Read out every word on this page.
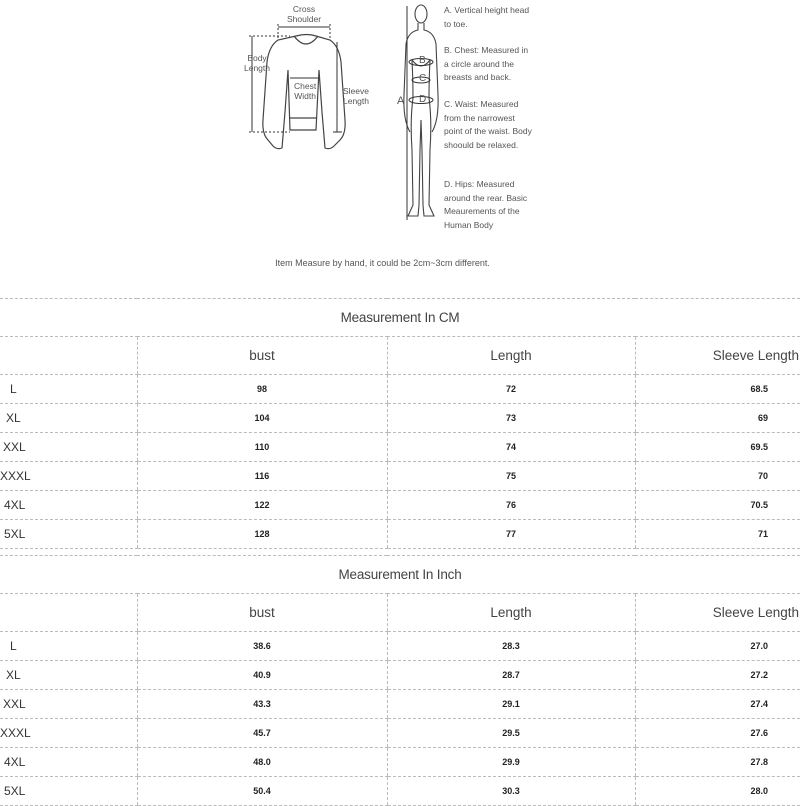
Cross
Shoulder
Body
Length
Chest
Width	Sleeve
Length	A
B
C
D
A. Vertical height head to toe.
B. Chest: Measured in a circle around the breasts and back.
C. Waist: Measured from the narrowest point of the waist. Body shoould be relaxed.
D. Hips: Measured around the rear. Basic Meaurements of the Human Body
Item Measure by hand, it could be 2cm~3cm different.
Measurement In CM			
	bust	Length	Sleeve Length
L	98	72	68.5
XL	104	73	69
XXL	110	74	69.5
XXXL	116	75	70
4XL	122	76	70.5
5XL	128	77	71
Measurement In Inch			
	bust	Length	Sleeve Length
L	38.6	28.3	27.0
XL	40.9	28.7	27.2
XXL	43.3	29.1	27.4
XXXL	45.7	29.5	27.6
4XL	48.0	29.9	27.8
5XL	50.4	30.3	28.0
